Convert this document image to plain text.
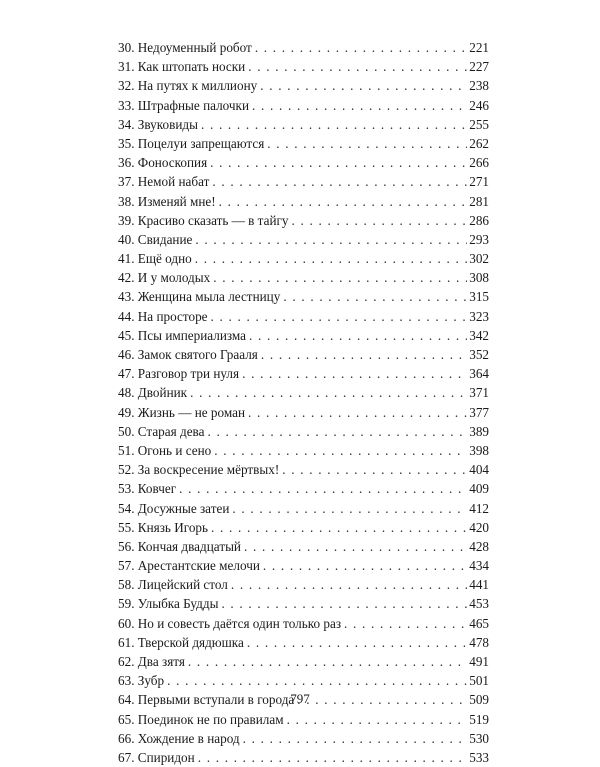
30. Недоуменный робот . . .	221
31. Как штопать носки . . .	227
32. На путях к миллиону . . .	238
33. Штрафные палочки . . .	246
34. Звуковиды . . .	255
35. Поцелуи запрещаются . . .	262
36. Фоноскопия . . .	266
37. Немой набат . . .	271
38. Изменяй мне! . . .	281
39. Красиво сказать — в тайгу . . .	286
40. Свидание . . .	293
41. Ещё одно . . .	302
42. И у молодых . . .	308
43. Женщина мыла лестницу . . .	315
44. На просторе . . .	323
45. Псы империализма . . .	342
46. Замок святого Грааля . . .	352
47. Разговор три нуля . . .	364
48. Двойник . . .	371
49. Жизнь — не роман . . .	377
50. Старая дева . . .	389
51. Огонь и сено . . .	398
52. За воскресение мёртвых! . . .	404
53. Ковчег . . .	409
54. Досужные затеи . . .	412
55. Князь Игорь . . .	420
56. Кончая двадцатый . . .	428
57. Арестантские мелочи . . .	434
58. Лицейский стол . . .	441
59. Улыбка Будды . . .	453
60. Но и совесть даётся один только раз . . .	465
61. Тверской дядюшка . . .	478
62. Два зятя . . .	491
63. Зубр . . .	501
64. Первыми вступали в города . . .	509
65. Поединок не по правилам . . .	519
66. Хождение в народ . . .	530
67. Спиридон . . .	533
797
